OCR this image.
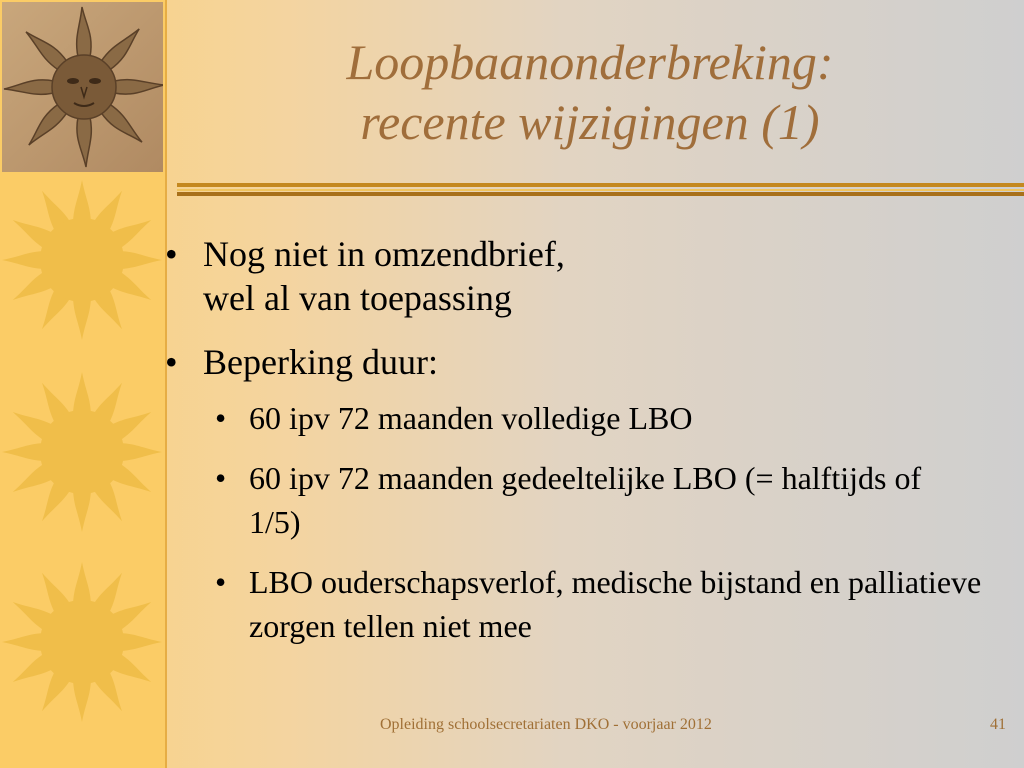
Loopbaanonderbreking:
recente wijzigingen (1)
• Nog niet in omzendbrief,
wel al van toepassing
• Beperking duur:
• 60 ipv 72 maanden volledige LBO
• 60 ipv 72 maanden gedeeltelijke LBO (= halftijds of 1/5)
• LBO ouderschapsverlof, medische bijstand en palliatieve zorgen tellen niet mee
Opleiding schoolsecretariaten DKO - voorjaar 2012	41
